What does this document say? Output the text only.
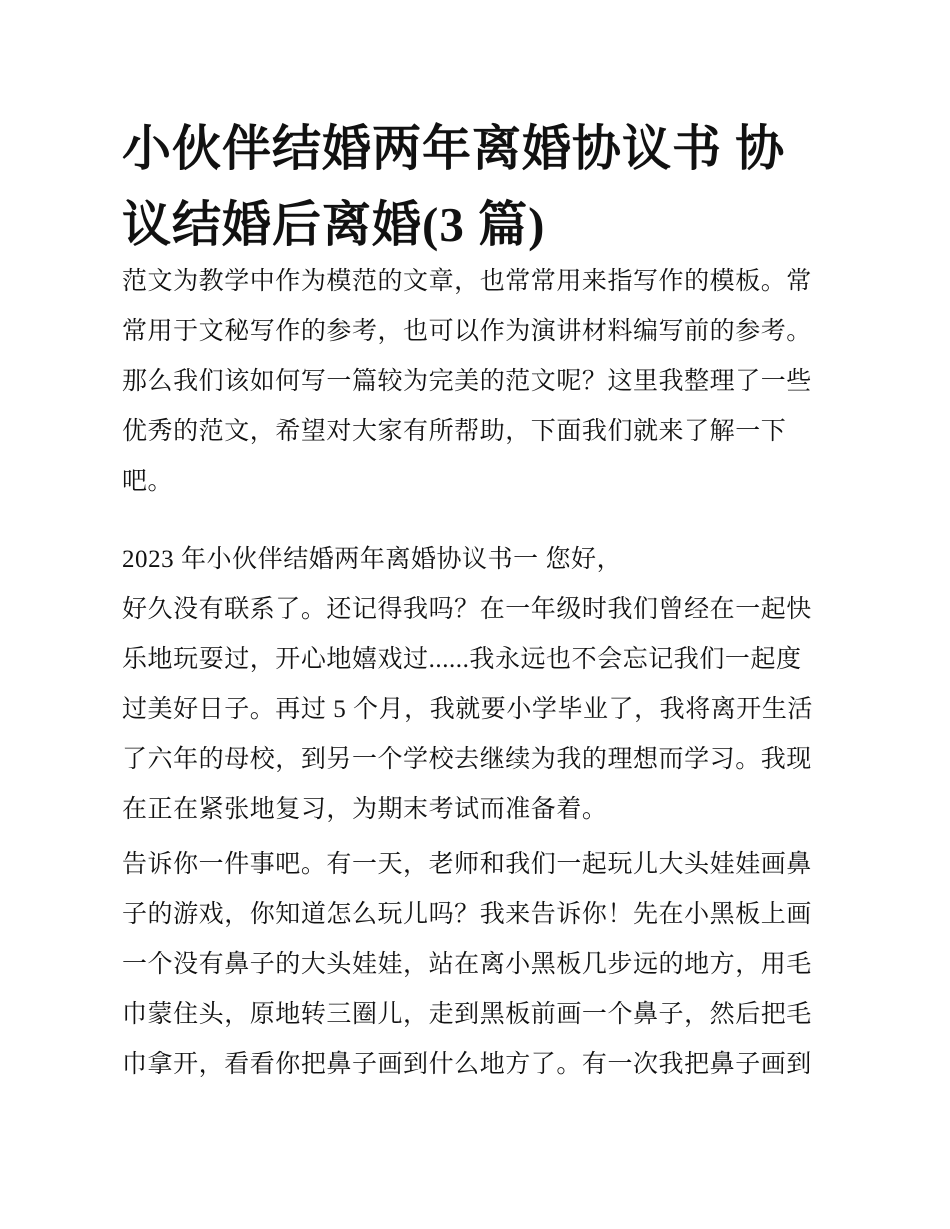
小伙伴结婚两年离婚协议书 协
议结婚后离婚(3 篇)

范文为教学中作为模范的文章，也常常用来指写作的模板。常
常用于文秘写作的参考，也可以作为演讲材料编写前的参考。
那么我们该如何写一篇较为完美的范文呢？这里我整理了一些
优秀的范文，希望对大家有所帮助，下面我们就来了解一下
吧。

2023 年小伙伴结婚两年离婚协议书一 您好，

好久没有联系了。还记得我吗？在一年级时我们曾经在一起快
乐地玩耍过，开心地嬉戏过......我永远也不会忘记我们一起度
过美好日子。再过 5 个月，我就要小学毕业了，我将离开生活
了六年的母校，到另一个学校去继续为我的理想而学习。我现
在正在紧张地复习，为期末考试而准备着。

告诉你一件事吧。有一天，老师和我们一起玩儿大头娃娃画鼻
子的游戏，你知道怎么玩儿吗？我来告诉你！先在小黑板上画
一个没有鼻子的大头娃娃，站在离小黑板几步远的地方，用毛
巾蒙住头，原地转三圈儿，走到黑板前画一个鼻子，然后把毛
巾拿开，看看你把鼻子画到什么地方了。有一次我把鼻子画到
